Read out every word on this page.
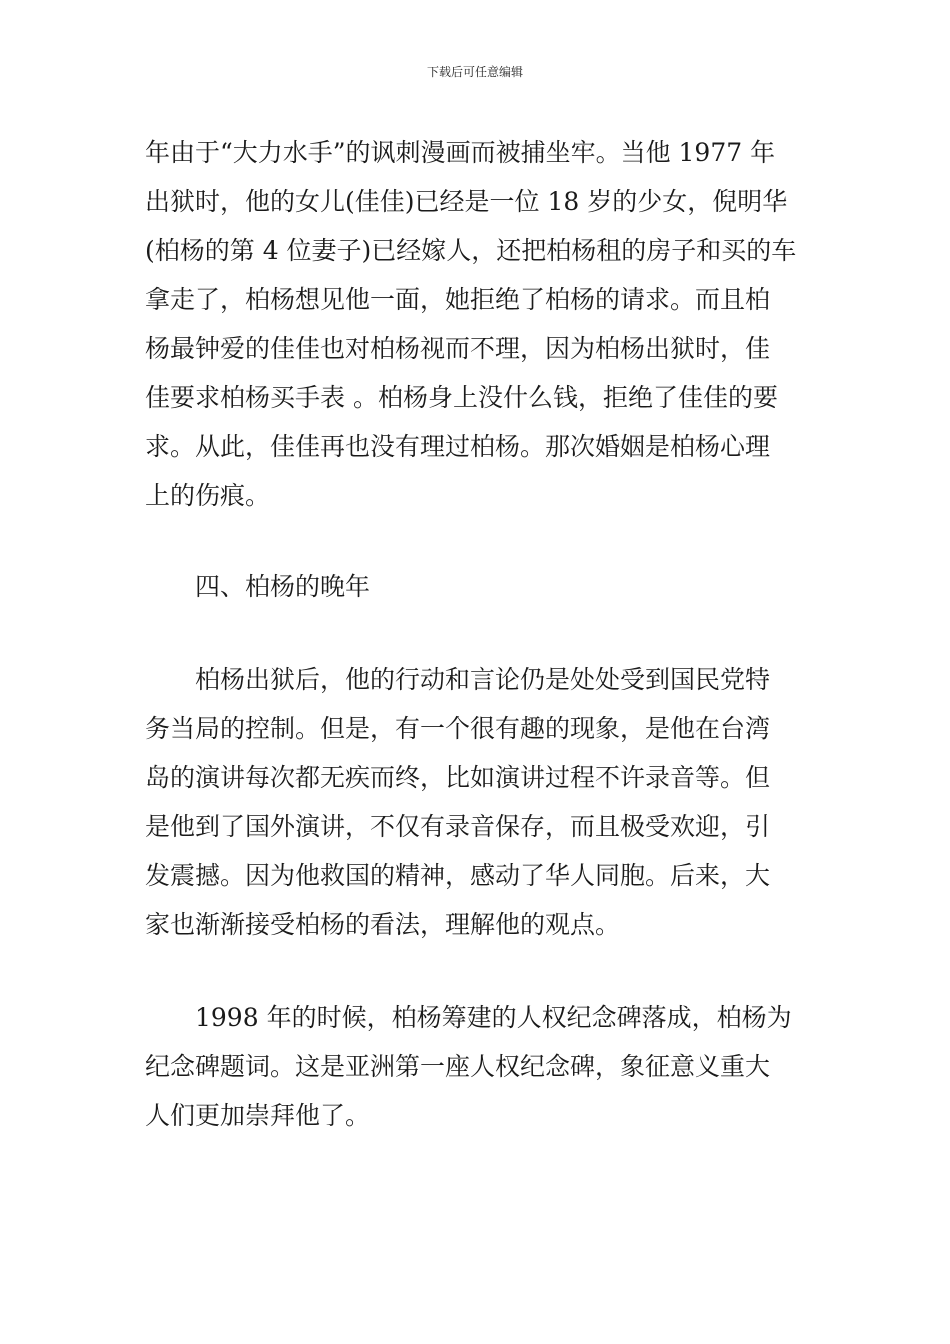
下载后可任意编辑
年由于“大力水手”的讽刺漫画而被捕坐牢。当他 1977 年
出狱时，他的女儿(佳佳)已经是一位 18 岁的少女，倪明华
(柏杨的第 4 位妻子)已经嫁人，还把柏杨租的房子和买的车
拿走了，柏杨想见他一面，她拒绝了柏杨的请求。而且柏
杨最钟爱的佳佳也对柏杨视而不理，因为柏杨出狱时，佳
佳要求柏杨买手表 。柏杨身上没什么钱，拒绝了佳佳的要
求。从此，佳佳再也没有理过柏杨。那次婚姻是柏杨心理
上的伤痕。
四、柏杨的晚年
柏杨出狱后，他的行动和言论仍是处处受到国民党特
务当局的控制。但是，有一个很有趣的现象，是他在台湾
岛的演讲每次都无疾而终，比如演讲过程不许录音等。但
是他到了国外演讲，不仅有录音保存，而且极受欢迎，引
发震撼。因为他救国的精神，感动了华人同胞。后来，大
家也渐渐接受柏杨的看法，理解他的观点。
1998 年的时候，柏杨筹建的人权纪念碑落成，柏杨为
纪念碑题词。这是亚洲第一座人权纪念碑，象征意义重大
人们更加崇拜他了。
